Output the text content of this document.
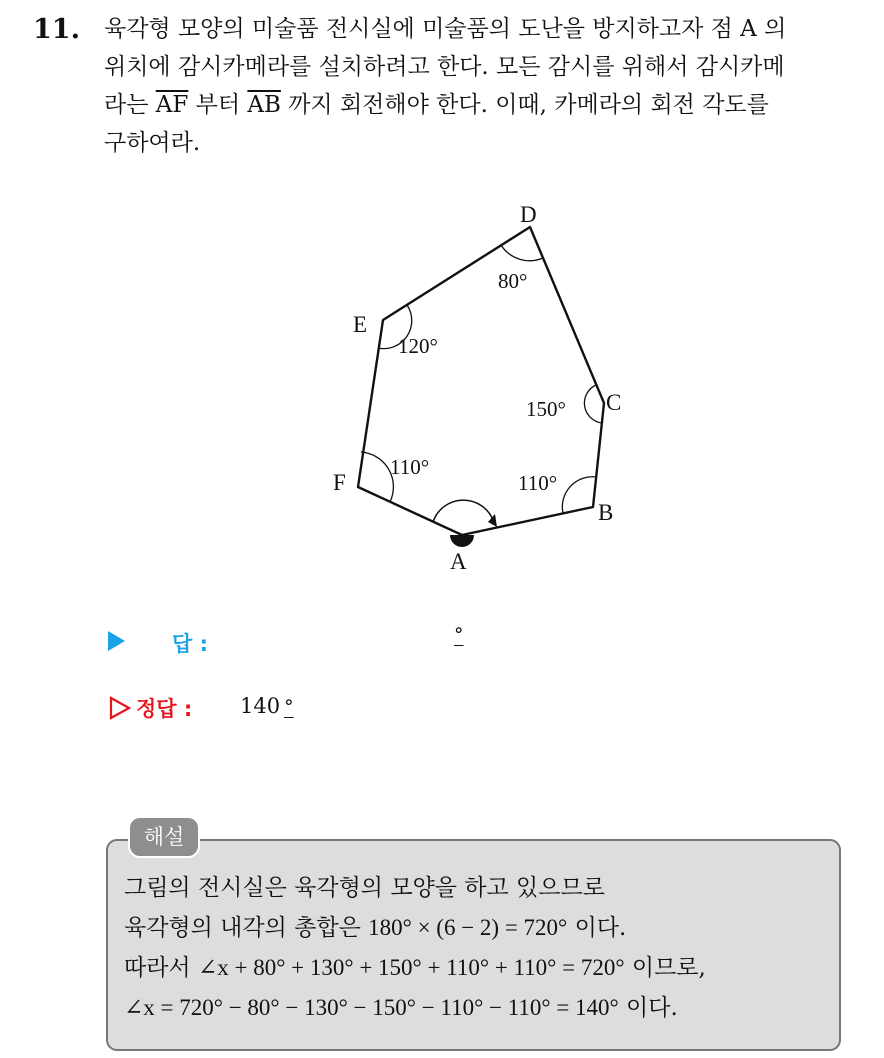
11. 육각형 모양의 미술품 전시실에 미술품의 도난을 방지하고자 점 A 의
위치에 감시카메라를 설치하려고 한다. 모든 감시를 위해서 감시카메
라는 $\overline{AF}$ 부터 $\overline{AB}$ 까지 회전해야 한다. 이때, 카메라의 회전 각도를
구하여라.
D
E
C
F
B
A
80°
120°
150°
110°
110°
답 :	°
정답 : 140 °
해설
그림의 전시실은 육각형의 모양을 하고 있으므로
육각형의 내각의 총합은 180° × (6 − 2) = 720° 이다.
따라서 ∠x + 80° + 130° + 150° + 110° + 110° = 720° 이므로,
∠x = 720° − 80° − 130° − 150° − 110° − 110° = 140° 이다.
